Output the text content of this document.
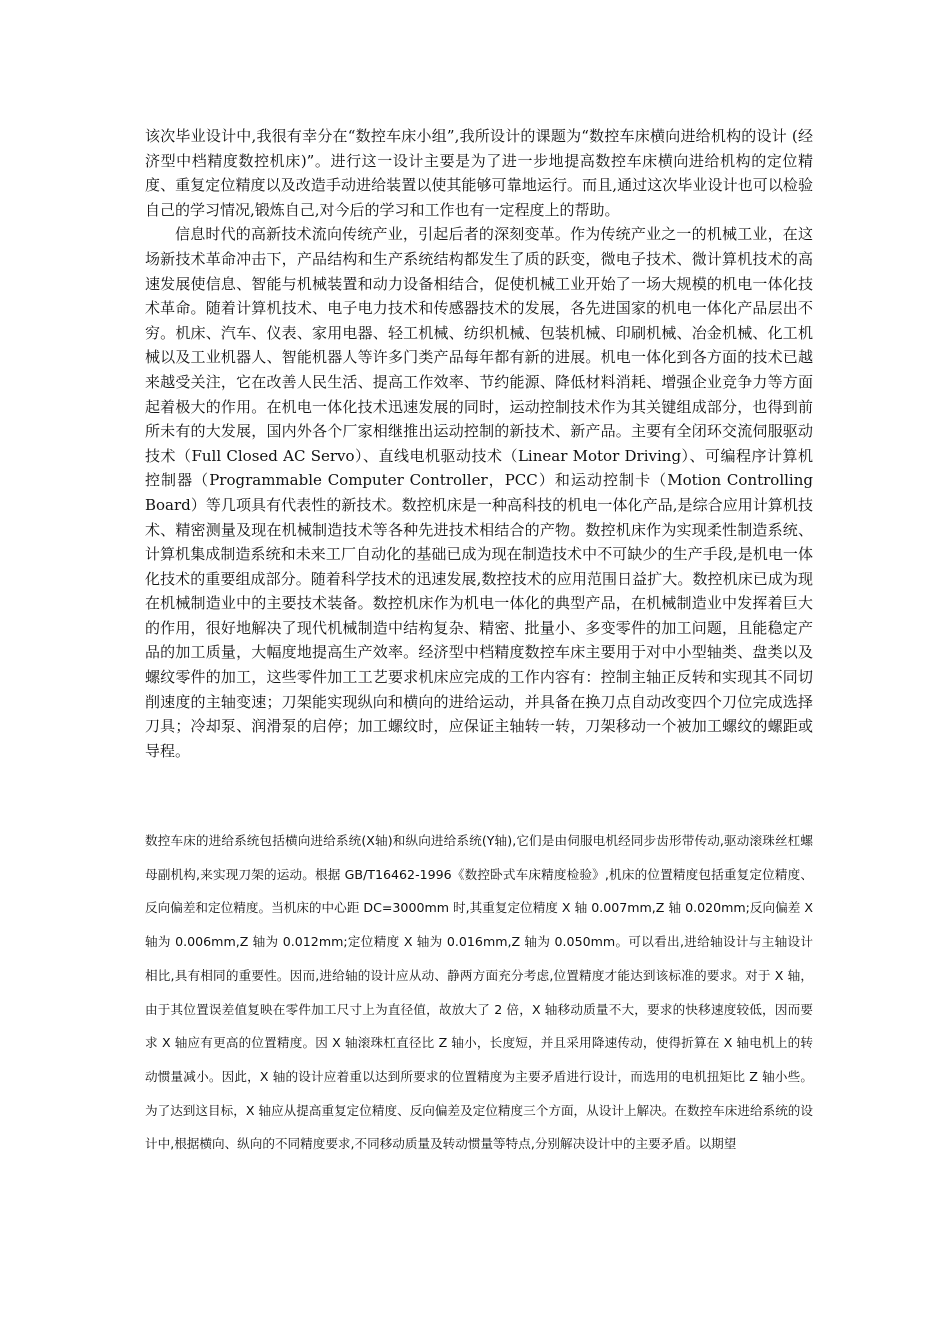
该次毕业设计中,我很有幸分在“数控车床小组”,我所设计的课题为“数控车床横向进给机构的设计 (经济型中档精度数控机床)”。进行这一设计主要是为了进一步地提高数控车床横向进给机构的定位精度、重复定位精度以及改造手动进给装置以使其能够可靠地运行。而且,通过这次毕业设计也可以检验自己的学习情况,锻炼自己,对今后的学习和工作也有一定程度上的帮助。

信息时代的高新技术流向传统产业，引起后者的深刻变革。作为传统产业之一的机械工业，在这场新技术革命冲击下，产品结构和生产系统结构都发生了质的跃变，微电子技术、微计算机技术的高速发展使信息、智能与机械装置和动力设备相结合，促使机械工业开始了一场大规模的机电一体化技术革命。随着计算机技术、电子电力技术和传感器技术的发展，各先进国家的机电一体化产品层出不穷。机床、汽车、仪表、家用电器、轻工机械、纺织机械、包装机械、印刷机械、冶金机械、化工机械以及工业机器人、智能机器人等许多门类产品每年都有新的进展。机电一体化到各方面的技术已越来越受关注，它在改善人民生活、提高工作效率、节约能源、降低材料消耗、增强企业竞争力等方面起着极大的作用。在机电一体化技术迅速发展的同时，运动控制技术作为其关键组成部分，也得到前所未有的大发展，国内外各个厂家相继推出运动控制的新技术、新产品。主要有全闭环交流伺服驱动技术（Full Closed AC Servo）、直线电机驱动技术（Linear Motor Driving）、可编程序计算机控制器（Programmable Computer Controller，PCC）和运动控制卡（Motion Controlling Board）等几项具有代表性的新技术。数控机床是一种高科技的机电一体化产品,是综合应用计算机技术、精密测量及现在机械制造技术等各种先进技术相结合的产物。数控机床作为实现柔性制造系统、计算机集成制造系统和未来工厂自动化的基础已成为现在制造技术中不可缺少的生产手段,是机电一体化技术的重要组成部分。随着科学技术的迅速发展,数控技术的应用范围日益扩大。数控机床已成为现在机械制造业中的主要技术装备。数控机床作为机电一体化的典型产品，在机械制造业中发挥着巨大的作用，很好地解决了现代机械制造中结构复杂、精密、批量小、多变零件的加工问题，且能稳定产品的加工质量，大幅度地提高生产效率。经济型中档精度数控车床主要用于对中小型轴类、盘类以及螺纹零件的加工，这些零件加工工艺要求机床应完成的工作内容有：控制主轴正反转和实现其不同切削速度的主轴变速；刀架能实现纵向和横向的进给运动，并具备在换刀点自动改变四个刀位完成选择刀具；冷却泵、润滑泵的启停；加工螺纹时，应保证主轴转一转，刀架移动一个被加工螺纹的螺距或导程。

数控车床的进给系统包括横向进给系统(X轴)和纵向进给系统(Y轴),它们是由伺服电机经同步齿形带传动,驱动滚珠丝杠螺母副机构,来实现刀架的运动。根据 GB/T16462-1996《数控卧式车床精度检验》,机床的位置精度包括重复定位精度、反向偏差和定位精度。当机床的中心距 DC=3000mm 时,其重复定位精度 X 轴 0.007mm,Z 轴 0.020mm;反向偏差 X 轴为 0.006mm,Z 轴为 0.012mm;定位精度 X 轴为 0.016mm,Z 轴为 0.050mm。可以看出,进给轴设计与主轴设计相比,具有相同的重要性。因而,进给轴的设计应从动、静两方面充分考虑,位置精度才能达到该标准的要求。对于 X 轴，由于其位置误差值复映在零件加工尺寸上为直径值，故放大了 2 倍，X 轴移动质量不大，要求的快移速度较低，因而要求 X 轴应有更高的位置精度。因 X 轴滚珠杠直径比 Z 轴小，长度短，并且采用降速传动，使得折算在 X 轴电机上的转动惯量减小。因此，X 轴的设计应着重以达到所要求的位置精度为主要矛盾进行设计，而选用的电机扭矩比 Z 轴小些。为了达到这目标，X 轴应从提高重复定位精度、反向偏差及定位精度三个方面，从设计上解决。在数控车床进给系统的设计中,根据横向、纵向的不同精度要求,不同移动质量及转动惯量等特点,分别解决设计中的主要矛盾。以期望
